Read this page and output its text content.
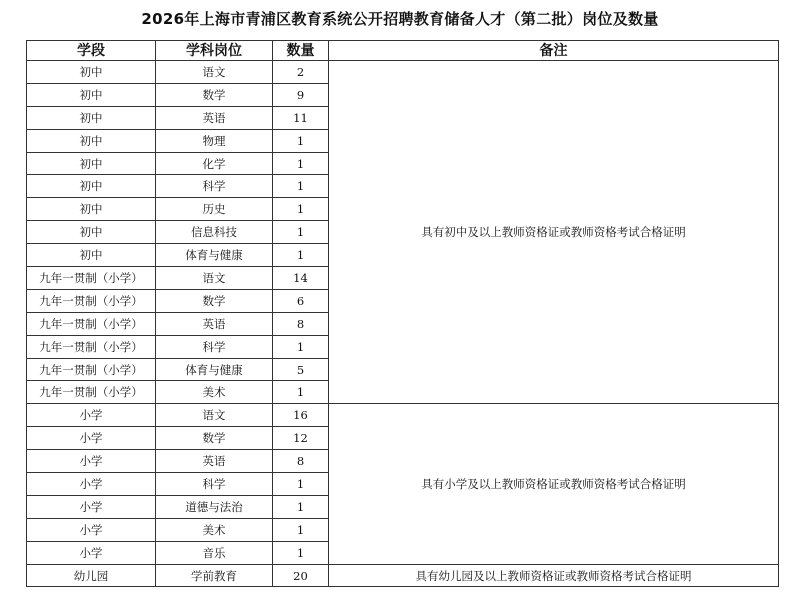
2026年上海市青浦区教育系统公开招聘教育储备人才（第二批）岗位及数量
学段	学科岗位	数量	备注
初中	语文	2	具有初中及以上教师资格证或教师资格考试合格证明
初中	数学	9	
初中	英语	11	
初中	物理	1	
初中	化学	1	
初中	科学	1	
初中	历史	1	
初中	信息科技	1	
初中	体育与健康	1	
九年一贯制（小学）	语文	14	
九年一贯制（小学）	数学	6	
九年一贯制（小学）	英语	8	
九年一贯制（小学）	科学	1	
九年一贯制（小学）	体育与健康	5	
九年一贯制（小学）	美术	1	
小学	语文	16	具有小学及以上教师资格证或教师资格考试合格证明
小学	数学	12	
小学	英语	8	
小学	科学	1	
小学	道德与法治	1	
小学	美术	1	
小学	音乐	1	
幼儿园	学前教育	20	具有幼儿园及以上教师资格证或教师资格考试合格证明
